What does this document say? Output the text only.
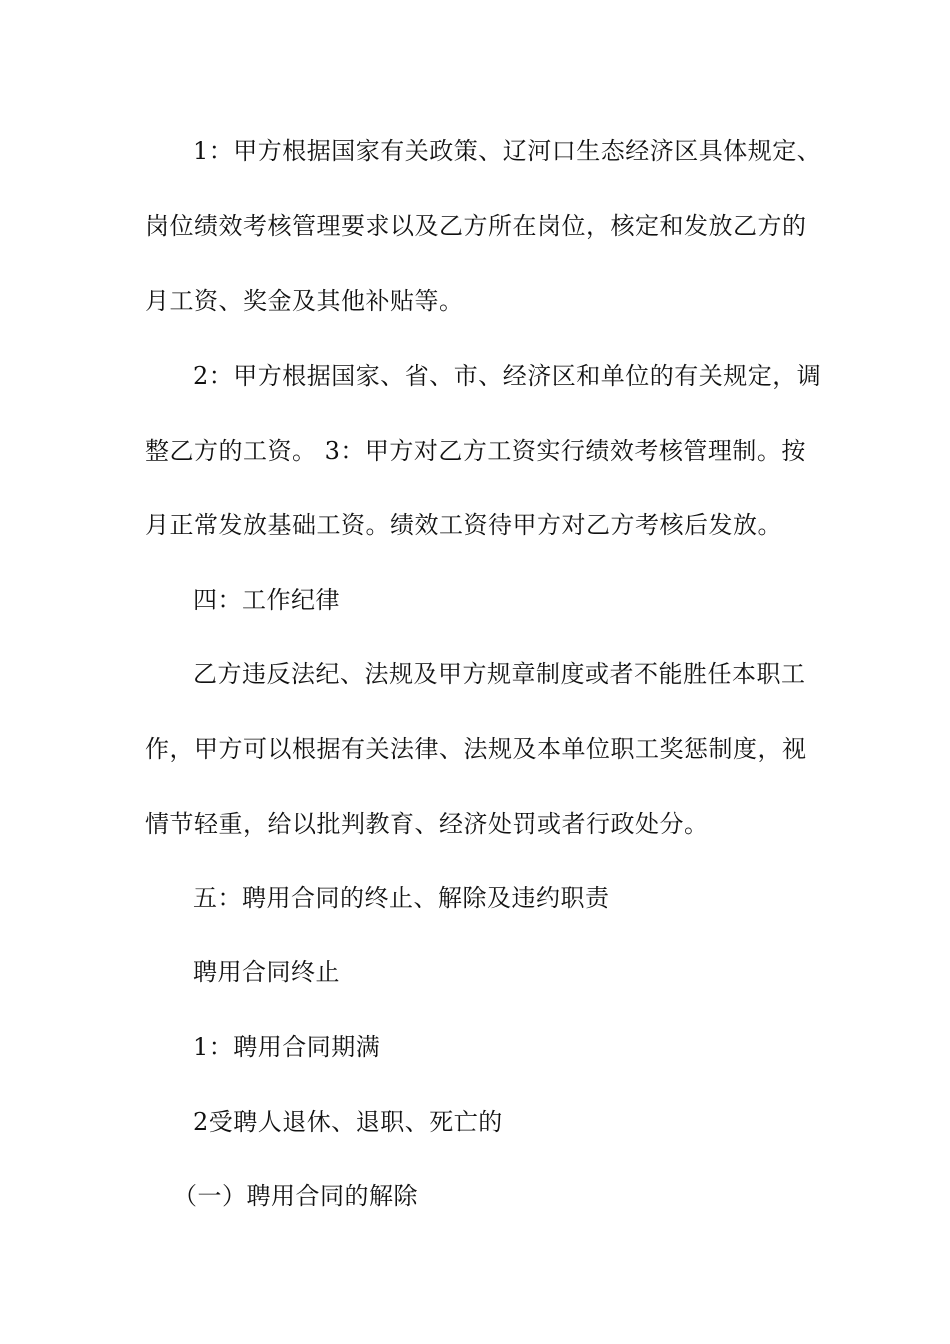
1：甲方根据国家有关政策、辽河口生态经济区具体规定、
岗位绩效考核管理要求以及乙方所在岗位，核定和发放乙方的
月工资、奖金及其他补贴等。
2：甲方根据国家、省、市、经济区和单位的有关规定，调
整乙方的工资。 3：甲方对乙方工资实行绩效考核管理制。按
月正常发放基础工资。绩效工资待甲方对乙方考核后发放。
四：工作纪律
乙方违反法纪、法规及甲方规章制度或者不能胜任本职工
作，甲方可以根据有关法律、法规及本单位职工奖惩制度，视
情节轻重，给以批判教育、经济处罚或者行政处分。
五：聘用合同的终止、解除及违约职责
聘用合同终止
1：聘用合同期满
2受聘人退休、退职、死亡的
（一）聘用合同的解除
